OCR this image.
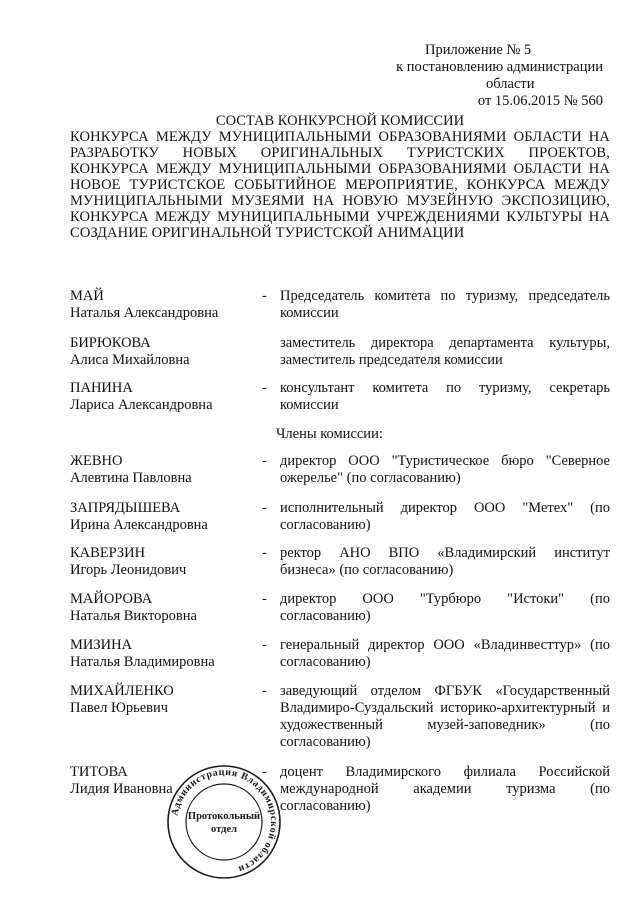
Приложение № 5
к постановлению администрации
области
от 15.06.2015 № 560
СОСТАВ КОНКУРСНОЙ КОМИССИИ
КОНКУРСА МЕЖДУ МУНИЦИПАЛЬНЫМИ ОБРАЗОВАНИЯМИ ОБЛАСТИ НА РАЗРАБОТКУ НОВЫХ ОРИГИНАЛЬНЫХ ТУРИСТСКИХ ПРОЕКТОВ, КОНКУРСА МЕЖДУ МУНИЦИПАЛЬНЫМИ ОБРАЗОВАНИЯМИ ОБЛАСТИ НА НОВОЕ ТУРИСТСКОЕ СОБЫТИЙНОЕ МЕРОПРИЯТИЕ, КОНКУРСА МЕЖДУ МУНИЦИПАЛЬНЫМИ МУЗЕЯМИ НА НОВУЮ МУЗЕЙНУЮ ЭКСПОЗИЦИЮ, КОНКУРСА МЕЖДУ МУНИЦИПАЛЬНЫМИ УЧРЕЖДЕНИЯМИ КУЛЬТУРЫ НА СОЗДАНИЕ ОРИГИНАЛЬНОЙ ТУРИСТСКОЙ АНИМАЦИИ
МАЙ
Наталья Александровна
- Председатель комитета по туризму, председатель комиссии
БИРЮКОВА
Алиса Михайловна
заместитель директора департамента культуры, заместитель председателя комиссии
ПАНИНА
Лариса Александровна
- консультант комитета по туризму, секретарь комиссии
Члены комиссии:
ЖЕВНО
Алевтина Павловна
- директор ООО "Туристическое бюро "Северное ожерелье" (по согласованию)
ЗАПРЯДЫШЕВА
Ирина Александровна
- исполнительный директор ООО "Метех" (по согласованию)
КАВЕРЗИН
Игорь Леонидович
- ректор АНО ВПО «Владимирский институт бизнеса» (по согласованию)
МАЙОРОВА
Наталья Викторовна
- директор ООО "Турбюро "Истоки" (по согласованию)
МИЗИНА
Наталья Владимировна
- генеральный директор ООО «Владинвесттур» (по согласованию)
МИХАЙЛЕНКО
Павел Юрьевич
- заведующий отделом ФГБУК «Государственный Владимиро-Суздальский историко-архитектурный и художественный музей-заповедник» (по согласованию)
ТИТОВА
Лидия Ивановна
- доцент Владимирского филиала Российской международной академии туризма (по согласованию)
Администрация Владимирской области
Протокольный
отдел
